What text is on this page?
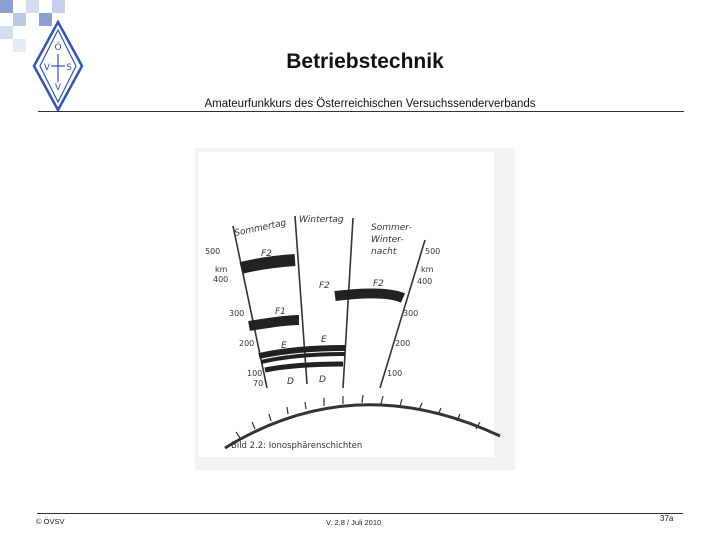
Ö
V S
V
Betriebstechnik
Amateurfunkkurs des Österreichischen Versuchssenderverbands
Sommertag Wintertag
Sommer-
Winter-
nacht
500
km
400
300
200
100
70
500
km
400
300
200
100
F2
F2	F2
F1
E
E
D	D
Bild 2.2: Ionosphärenschichten
© ÖVSV	V. 2.8 / Juli 2010	37a
